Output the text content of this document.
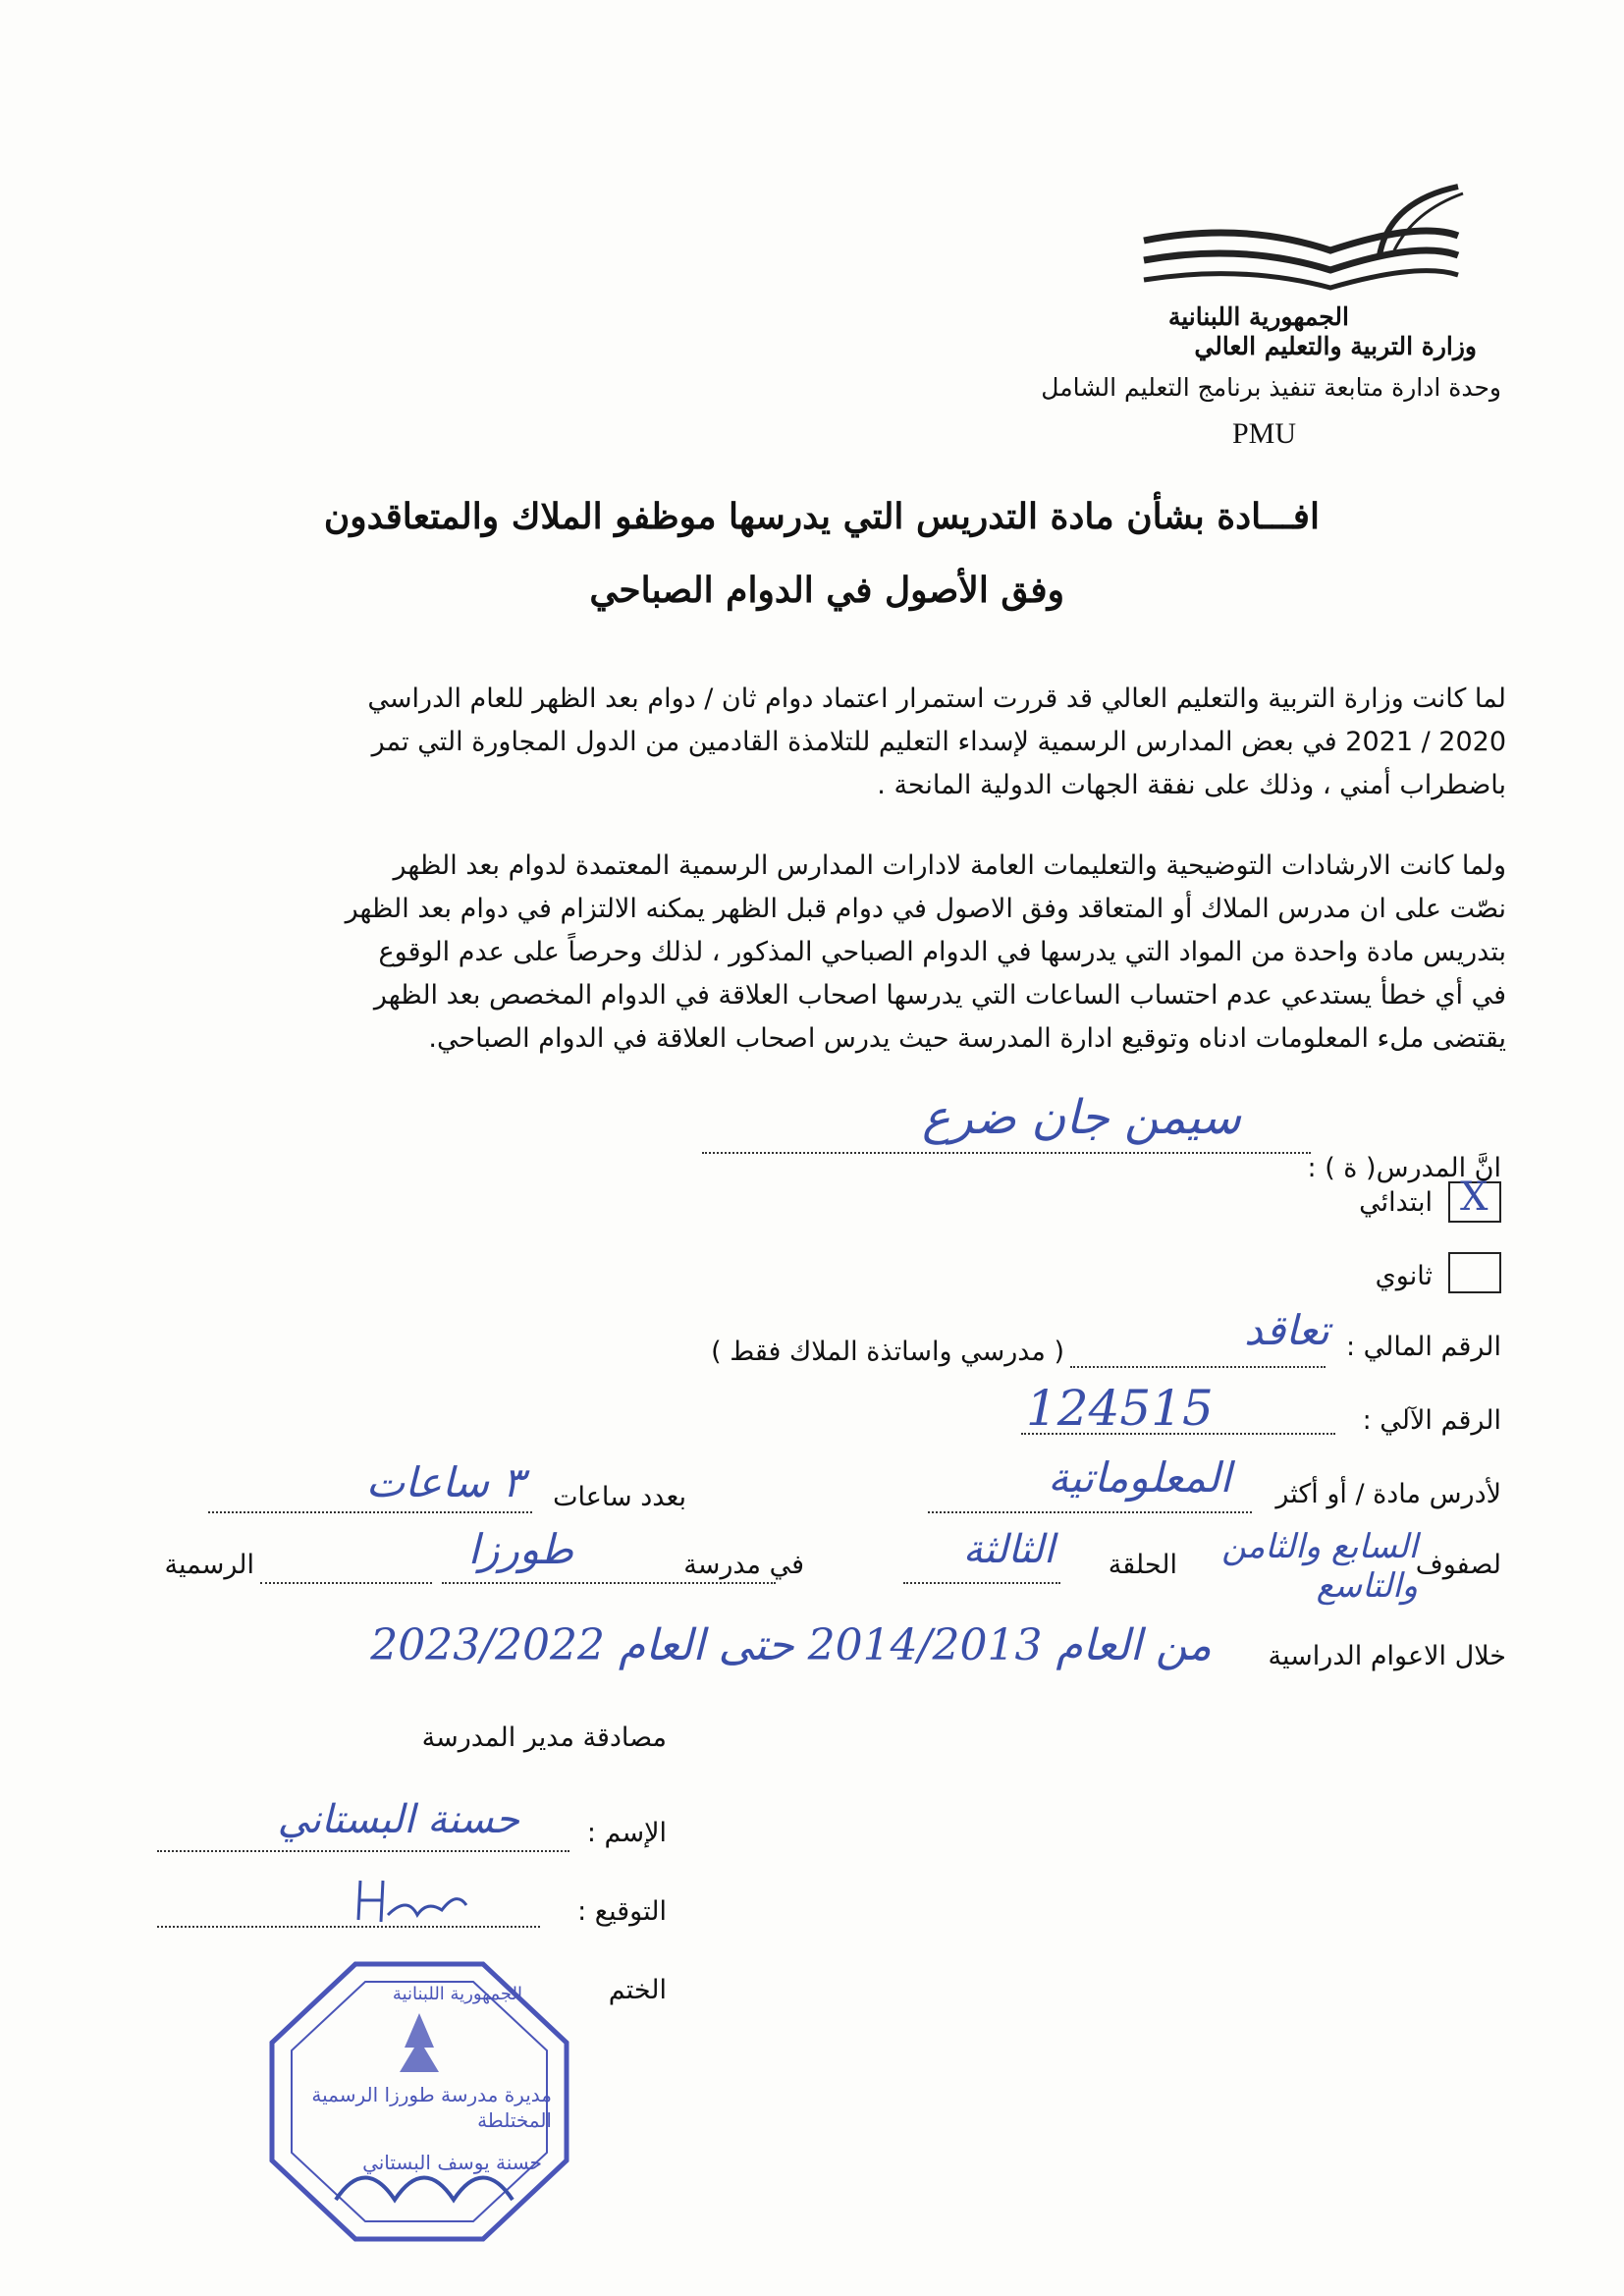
الجمهورية اللبنانية
وزارة التربية والتعليم العالي
وحدة ادارة متابعة تنفيذ برنامج التعليم الشامل
PMU
افـــادة بشأن مادة التدريس التي يدرسها موظفو الملاك والمتعاقدون
وفق الأصول في الدوام الصباحي
لما كانت وزارة التربية والتعليم العالي قد قررت استمرار اعتماد دوام ثان / دوام بعد الظهر للعام الدراسي
2020 / 2021 في بعض المدارس الرسمية لإسداء التعليم للتلامذة القادمين من الدول المجاورة التي تمر
باضطراب أمني ، وذلك على نفقة الجهات الدولية المانحة .
ولما كانت الارشادات التوضيحية والتعليمات العامة لادارات المدارس الرسمية المعتمدة لدوام بعد الظهر
نصّت على ان مدرس الملاك أو المتعاقد وفق الاصول في دوام قبل الظهر يمكنه الالتزام في دوام بعد الظهر
بتدريس مادة واحدة من المواد التي يدرسها في الدوام الصباحي المذكور ، لذلك وحرصاً على عدم الوقوع
في أي خطأ يستدعي عدم احتساب الساعات التي يدرسها اصحاب العلاقة في الدوام المخصص بعد الظهر
يقتضى ملء المعلومات ادناه وتوقيع ادارة المدرسة حيث يدرس اصحاب العلاقة في الدوام الصباحي.
انَّ المدرس( ة ) :
سيمن جان ضرع
X
ابتدائي
ثانوي
الرقم المالي :
تعاقد
( مدرسي واساتذة الملاك فقط )
الرقم الآلي :
124515
لأدرس مادة / أو أكثر
المعلوماتية
بعدد ساعات
٣ ساعات
لصفوف
السابع والثامن والتاسع
الحلقة
الثالثة
في مدرسة
طورزا
الرسمية
خلال الاعوام الدراسية
من العام 2014/2013 حتى العام 2023/2022
مصادقة مدير المدرسة
الإسم :
حسنة البستاني
التوقيع :
الختم
الجمهورية اللبنانية
مديرة مدرسة طورزا الرسمية المختلطة
حسنة يوسف البستاني
